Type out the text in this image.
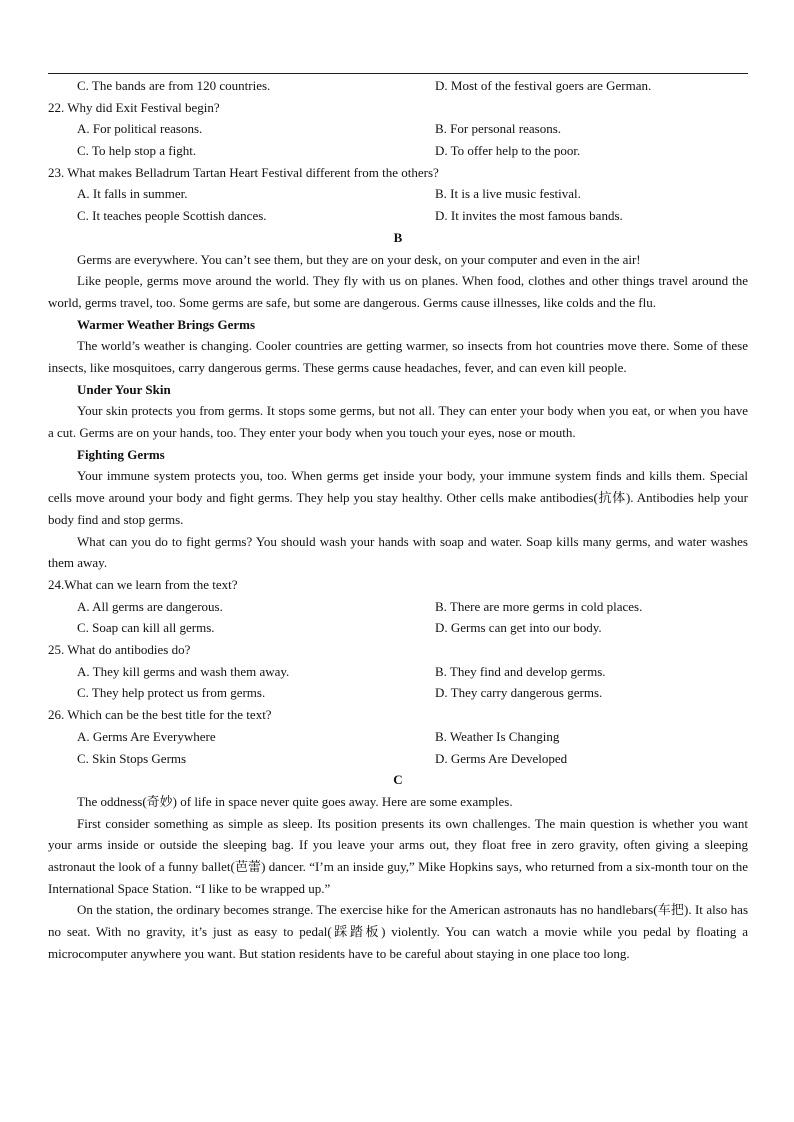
C. The bands are from 120 countries.	D. Most of the festival goers are German.
22. Why did Exit Festival begin?
A. For political reasons.	B. For personal reasons.
C. To help stop a fight.	D. To offer help to the poor.
23. What makes Belladrum Tartan Heart Festival different from the others?
A. It falls in summer.	B. It is a live music festival.
C. It teaches people Scottish dances.	D. It invites the most famous bands.
B

Germs are everywhere. You can’t see them, but they are on your desk, on your computer and even in the air!

Like people, germs move around the world. They fly with us on planes. When food, clothes and other things travel around the world, germs travel, too. Some germs are safe, but some are dangerous. Germs cause illnesses, like colds and the flu.

Warmer Weather Brings Germs

The world’s weather is changing. Cooler countries are getting warmer, so insects from hot countries move there. Some of these insects, like mosquitoes, carry dangerous germs. These germs cause headaches, fever, and can even kill people.

Under Your Skin

Your skin protects you from germs. It stops some germs, but not all. They can enter your body when you eat, or when you have a cut. Germs are on your hands, too. They enter your body when you touch your eyes, nose or mouth.

Fighting Germs

Your immune system protects you, too. When germs get inside your body, your immune system finds and kills them. Special cells move around your body and fight germs. They help you stay healthy. Other cells make antibodies(抗体). Antibodies help your body find and stop germs.

What can you do to fight germs? You should wash your hands with soap and water. Soap kills many germs, and water washes them away.

24.What can we learn from the text?
A. All germs are dangerous.	B. There are more germs in cold places.
C. Soap can kill all germs.	D. Germs can get into our body.
25. What do antibodies do?
A. They kill germs and wash them away.	B. They find and develop germs.
C. They help protect us from germs.	D. They carry dangerous germs.
26. Which can be the best title for the text?
A. Germs Are Everywhere	B. Weather Is Changing
C. Skin Stops Germs	D. Germs Are Developed
C

The oddness(奇妙) of life in space never quite goes away. Here are some examples.

First consider something as simple as sleep. Its position presents its own challenges. The main question is whether you want your arms inside or outside the sleeping bag. If you leave your arms out, they float free in zero gravity, often giving a sleeping astronaut the look of a funny ballet(芭蕾) dancer. “I’m an inside guy,” Mike Hopkins says, who returned from a six-month tour on the International Space Station. “I like to be wrapped up.”

On the station, the ordinary becomes strange. The exercise hike for the American astronauts has no handlebars(车把). It also has no seat. With no gravity, it’s just as easy to pedal(踩踏板) violently. You can watch a movie while you pedal by floating a microcomputer anywhere you want. But station residents have to be careful about staying in one place too long.
